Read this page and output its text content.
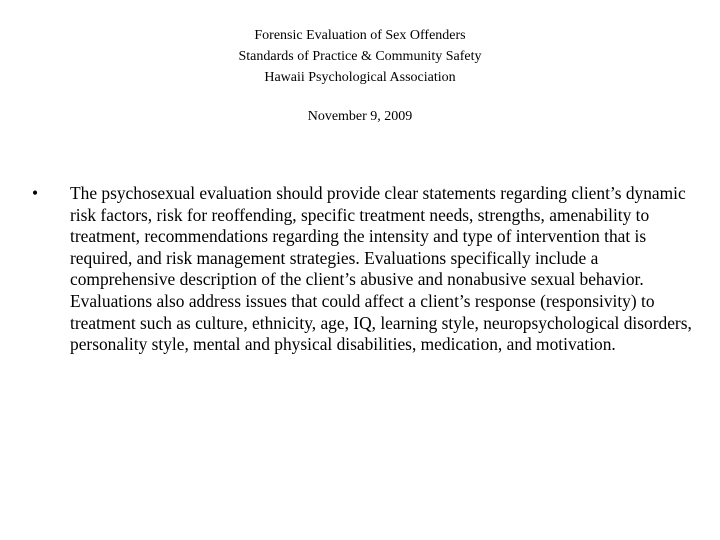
Forensic Evaluation of Sex Offenders
Standards of Practice & Community Safety
Hawaii Psychological Association
November 9, 2009
• The psychosexual evaluation should provide clear statements regarding client’s dynamic risk factors, risk for reoffending, specific treatment needs, strengths, amenability to treatment, recommendations regarding the intensity and type of intervention that is required, and risk management strategies. Evaluations specifically include a comprehensive description of the client’s abusive and nonabusive sexual behavior. Evaluations also address issues that could affect a client’s response (responsivity) to treatment such as culture, ethnicity, age, IQ, learning style, neuropsychological disorders, personality style, mental and physical disabilities, medication, and motivation.
